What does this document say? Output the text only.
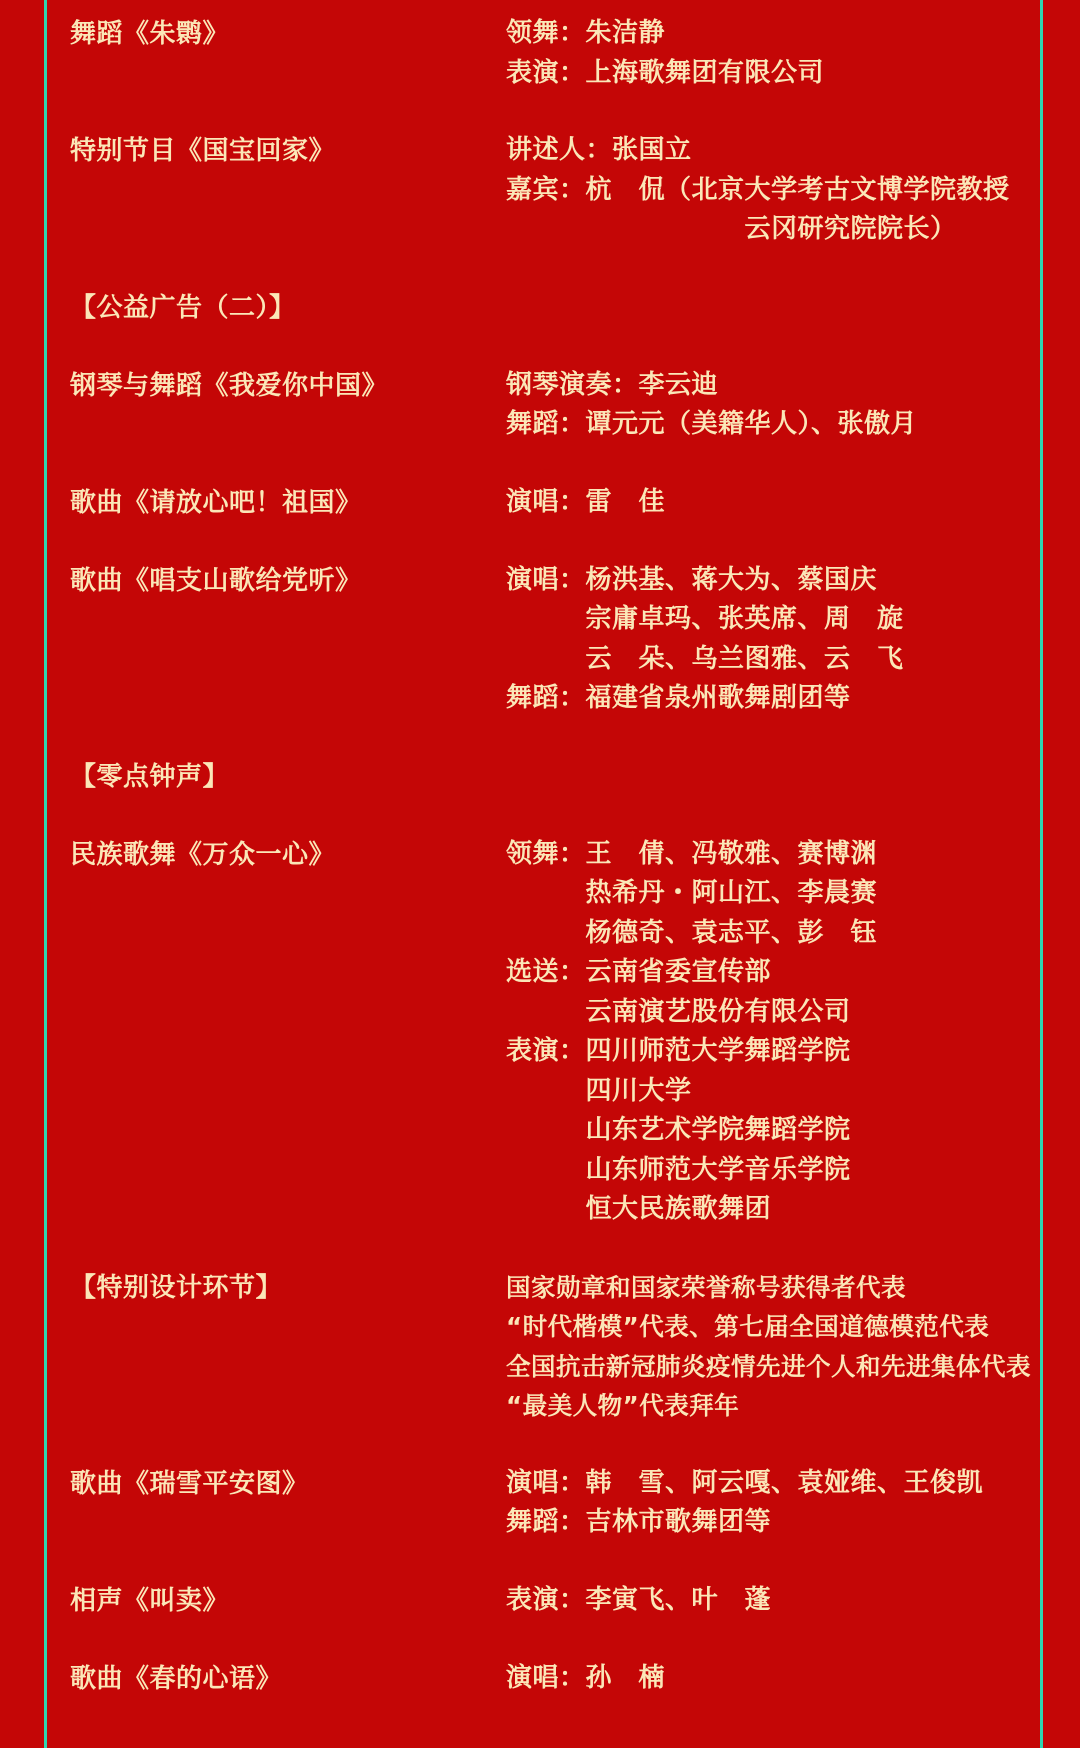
舞蹈《朱鹮》	领舞： 朱洁静
表演： 上海歌舞团有限公司
特别节目《国宝回家》	讲述人： 张国立
嘉宾： 杭　侃（北京大学考古文博学院教授
　　　　　　云冈研究院院长）
【公益广告（二）】
钢琴与舞蹈《我爱你中国》	钢琴演奏： 李云迪
舞蹈： 谭元元（美籍华人）、张傲月
歌曲《请放心吧！祖国》	演唱： 雷　佳
歌曲《唱支山歌给党听》	演唱： 杨洪基、蒋大为、蔡国庆
宗庸卓玛、张英席、周　旋
云　朵、乌兰图雅、云　飞
舞蹈： 福建省泉州歌舞剧团等
【零点钟声】
民族歌舞《万众一心》	领舞： 王　倩、冯敬雅、赛博渊
热希丹・阿山江、李晨赛
杨德奇、袁志平、彭　钰
选送： 云南省委宣传部
云南演艺股份有限公司
表演： 四川师范大学舞蹈学院
四川大学
山东艺术学院舞蹈学院
山东师范大学音乐学院
恒大民族歌舞团
【特别设计环节】	国家勋章和国家荣誉称号获得者代表
“时代楷模”代表、第七届全国道德模范代表
全国抗击新冠肺炎疫情先进个人和先进集体代表
“最美人物”代表拜年
歌曲《瑞雪平安图》	演唱： 韩　雪、阿云嘎、袁娅维、王俊凯
舞蹈： 吉林市歌舞团等
相声《叫卖》	表演： 李寅飞、叶　蓬
歌曲《春的心语》	演唱： 孙　楠
